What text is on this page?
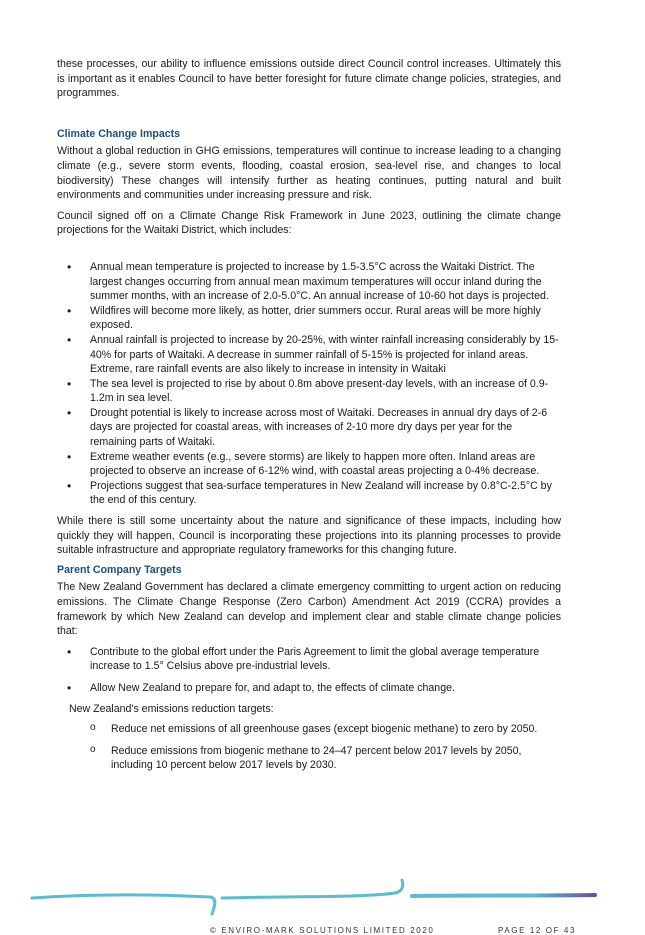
these processes, our ability to influence emissions outside direct Council control increases. Ultimately this is important as it enables Council to have better foresight for future climate change policies, strategies, and programmes.

Climate Change Impacts

Without a global reduction in GHG emissions, temperatures will continue to increase leading to a changing climate (e.g., severe storm events, flooding, coastal erosion, sea-level rise, and changes to local biodiversity) These changes will intensify further as heating continues, putting natural and built environments and communities under increasing pressure and risk.

Council signed off on a Climate Change Risk Framework in June 2023, outlining the climate change projections for the Waitaki District, which includes:

• Annual mean temperature is projected to increase by 1.5-3.5°C across the Waitaki District. The largest changes occurring from annual mean maximum temperatures will occur inland during the summer months, with an increase of 2.0-5.0°C. An annual increase of 10-60 hot days is projected.
• Wildfires will become more likely, as hotter, drier summers occur. Rural areas will be more highly exposed.
• Annual rainfall is projected to increase by 20-25%, with winter rainfall increasing considerably by 15-40% for parts of Waitaki. A decrease in summer rainfall of 5-15% is projected for inland areas. Extreme, rare rainfall events are also likely to increase in intensity in Waitaki
• The sea level is projected to rise by about 0.8m above present-day levels, with an increase of 0.9-1.2m in sea level.
• Drought potential is likely to increase across most of Waitaki. Decreases in annual dry days of 2-6 days are projected for coastal areas, with increases of 2-10 more dry days per year for the remaining parts of Waitaki.
• Extreme weather events (e.g., severe storms) are likely to happen more often. Inland areas are projected to observe an increase of 6-12% wind, with coastal areas projecting a 0-4% decrease.
• Projections suggest that sea-surface temperatures in New Zealand will increase by 0.8°C-2.5°C by the end of this century.

While there is still some uncertainty about the nature and significance of these impacts, including how quickly they will happen, Council is incorporating these projections into its planning processes to provide suitable infrastructure and appropriate regulatory frameworks for this changing future.

Parent Company Targets

The New Zealand Government has declared a climate emergency committing to urgent action on reducing emissions. The Climate Change Response (Zero Carbon) Amendment Act 2019 (CCRA) provides a framework by which New Zealand can develop and implement clear and stable climate change policies that:

• Contribute to the global effort under the Paris Agreement to limit the global average temperature increase to 1.5° Celsius above pre-industrial levels.
• Allow New Zealand to prepare for, and adapt to, the effects of climate change.
New Zealand's emissions reduction targets:
o Reduce net emissions of all greenhouse gases (except biogenic methane) to zero by 2050.
o Reduce emissions from biogenic methane to 24–47 percent below 2017 levels by 2050, including 10 percent below 2017 levels by 2030.
© ENVIRO-MARK SOLUTIONS LIMITED 2020	PAGE 12 OF 43
